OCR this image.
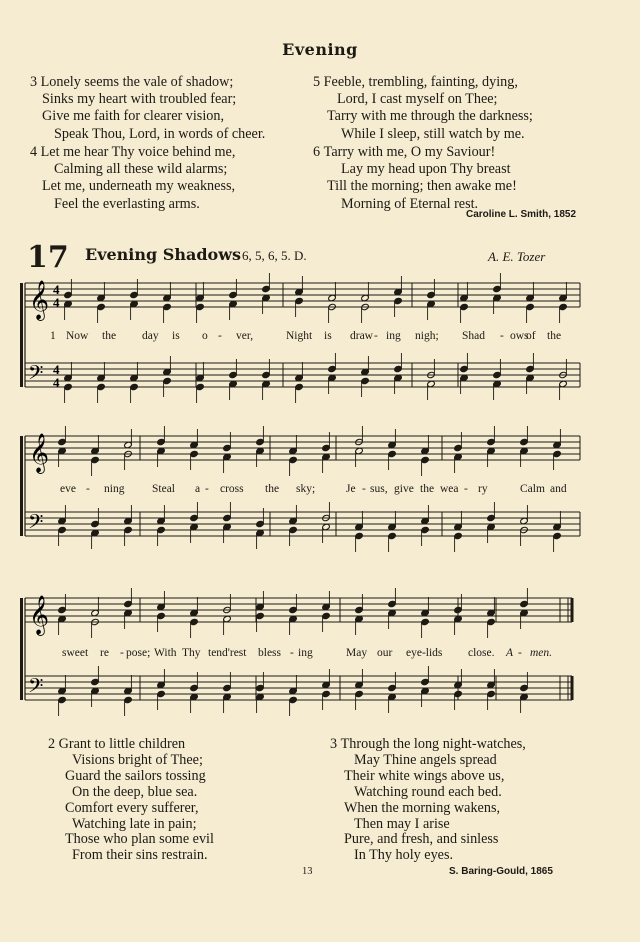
Evening
3 Lonely seems the vale of shadow;
Sinks my heart with troubled fear;
Give me faith for clearer vision,
Speak Thou, Lord, in words of cheer.
4 Let me hear Thy voice behind me,
Calming all these wild alarms;
Let me, underneath my weakness,
Feel the everlasting arms.
5 Feeble, trembling, fainting, dying,
Lord, I cast myself on Thee;
Tarry with me through the darkness;
While I sleep, still watch by me.
6 Tarry with me, O my Saviour!
Lay my head upon Thy breast
Till the morning; then awake me!
Morning of Eternal rest.
Caroline L. Smith, 1852
17 Evening Shadows 6, 5, 6, 5. D.	A. E. Tozer
𝄞
𝄢
4
4
4
4
𝄞
𝄢
𝄞
𝄢
1 Now the day is o - ver,	Night is draw - ing nigh; Shad - ows
of the
eve - ning Steal a - cross the sky;	Je - sus, give the wea - ry	Calm and
sweet re - pose; With Thy tend'rest bless - ing	May our eye-lids close. A - men.
2 Grant to little children
Visions bright of Thee;
Guard the sailors tossing
On the deep, blue sea.
Comfort every sufferer,
Watching late in pain;
Those who plan some evil
From their sins restrain.
3 Through the long night-watches,
May Thine angels spread
Their white wings above us,
Watching round each bed.
When the morning wakens,
Then may I arise
Pure, and fresh, and sinless
In Thy holy eyes.
13	S. Baring-Gould, 1865
